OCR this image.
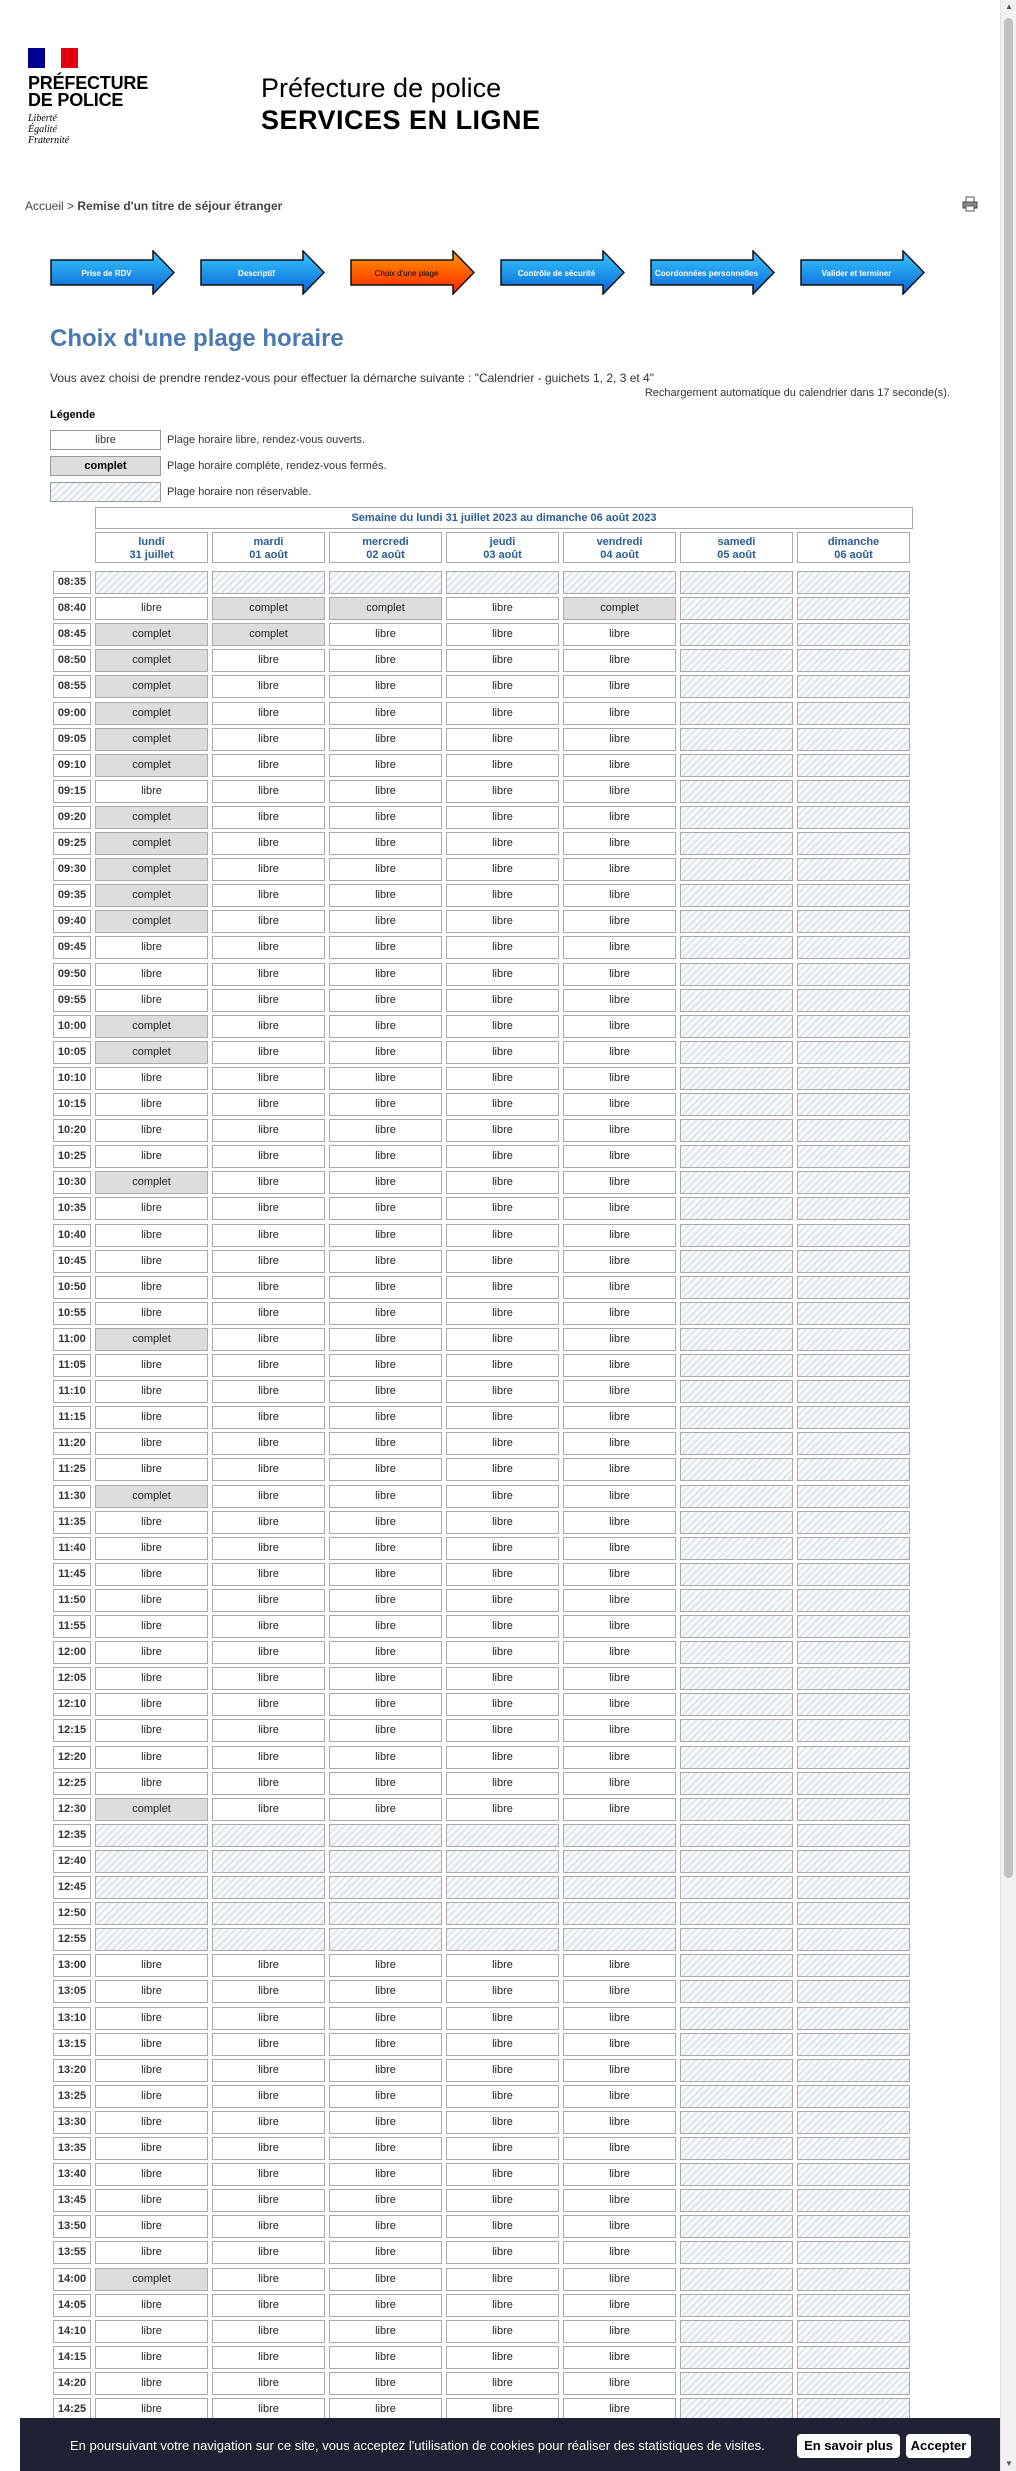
▲
▼
PRÉFECTURE
DE POLICE
Liberté
Égalité
Fraternité
Préfecture de police
SERVICES EN LIGNE
Accueil > Remise d'un titre de séjour étranger
Prise de RDV	Descriptif	Choix d'une plage	Contrôle de sécurité	Coordonnées personnelles	Valider et terminer
Choix d'une plage horaire
Vous avez choisi de prendre rendez-vous pour effectuer la démarche suivante : "Calendrier - guichets 1, 2, 3 et 4"
Rechargement automatique du calendrier dans 17 seconde(s).
Légende
libre	Plage horaire libre, rendez-vous ouverts.
complet	Plage horaire complète, rendez-vous fermés.
Plage horaire non réservable.
Semaine du lundi 31 juillet 2023 au dimanche 06 août 2023
lundi
31 juillet
mardi
01 août
mercredi
02 août
jeudi
03 août
vendredi
04 août
samedi
05 août
dimanche
06 août
08:35
08:40	libre	complet	complet	libre	complet
08:45	complet	complet	libre	libre	libre
08:50	complet	libre	libre	libre	libre
08:55	complet	libre	libre	libre	libre
09:00	complet	libre	libre	libre	libre
09:05	complet	libre	libre	libre	libre
09:10	complet	libre	libre	libre	libre
09:15	libre	libre	libre	libre	libre
09:20	complet	libre	libre	libre	libre
09:25	complet	libre	libre	libre	libre
09:30	complet	libre	libre	libre	libre
09:35	complet	libre	libre	libre	libre
09:40	complet	libre	libre	libre	libre
09:45	libre	libre	libre	libre	libre
09:50	libre	libre	libre	libre	libre
09:55	libre	libre	libre	libre	libre
10:00	complet	libre	libre	libre	libre
10:05	complet	libre	libre	libre	libre
10:10	libre	libre	libre	libre	libre
10:15	libre	libre	libre	libre	libre
10:20	libre	libre	libre	libre	libre
10:25	libre	libre	libre	libre	libre
10:30	complet	libre	libre	libre	libre
10:35	libre	libre	libre	libre	libre
10:40	libre	libre	libre	libre	libre
10:45	libre	libre	libre	libre	libre
10:50	libre	libre	libre	libre	libre
10:55	libre	libre	libre	libre	libre
11:00	complet	libre	libre	libre	libre
11:05	libre	libre	libre	libre	libre
11:10	libre	libre	libre	libre	libre
11:15	libre	libre	libre	libre	libre
11:20	libre	libre	libre	libre	libre
11:25	libre	libre	libre	libre	libre
11:30	complet	libre	libre	libre	libre
11:35	libre	libre	libre	libre	libre
11:40	libre	libre	libre	libre	libre
11:45	libre	libre	libre	libre	libre
11:50	libre	libre	libre	libre	libre
11:55	libre	libre	libre	libre	libre
12:00	libre	libre	libre	libre	libre
12:05	libre	libre	libre	libre	libre
12:10	libre	libre	libre	libre	libre
12:15	libre	libre	libre	libre	libre
12:20	libre	libre	libre	libre	libre
12:25	libre	libre	libre	libre	libre
12:30	complet	libre	libre	libre	libre
12:35
12:40
12:45
12:50
12:55
13:00	libre	libre	libre	libre	libre
13:05	libre	libre	libre	libre	libre
13:10	libre	libre	libre	libre	libre
13:15	libre	libre	libre	libre	libre
13:20	libre	libre	libre	libre	libre
13:25	libre	libre	libre	libre	libre
13:30	libre	libre	libre	libre	libre
13:35	libre	libre	libre	libre	libre
13:40	libre	libre	libre	libre	libre
13:45	libre	libre	libre	libre	libre
13:50	libre	libre	libre	libre	libre
13:55	libre	libre	libre	libre	libre
14:00	complet	libre	libre	libre	libre
14:05	libre	libre	libre	libre	libre
14:10	libre	libre	libre	libre	libre
14:15	libre	libre	libre	libre	libre
14:20	libre	libre	libre	libre	libre
14:25	libre	libre	libre	libre	libre
En poursuivant votre navigation sur ce site, vous acceptez l'utilisation de cookies pour réaliser des statistiques de visites.	En savoir plus	Accepter
